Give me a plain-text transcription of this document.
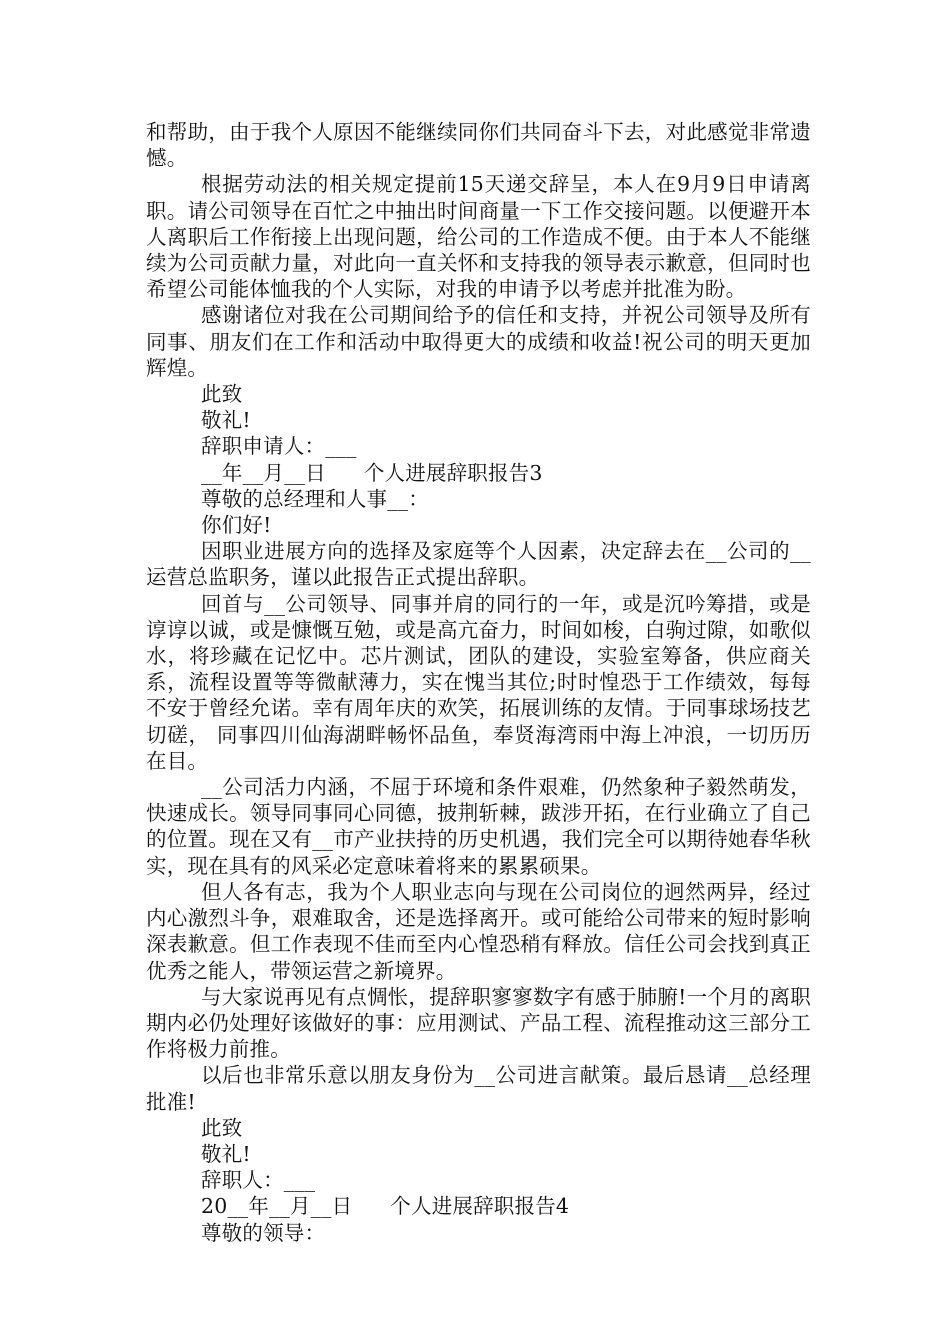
和帮助，由于我个人原因不能继续同你们共同奋斗下去，对此感觉非常遗憾。

根据劳动法的相关规定提前15天递交辞呈，本人在9月9日申请离职。请公司领导在百忙之中抽出时间商量一下工作交接问题。以便避开本人离职后工作衔接上出现问题，给公司的工作造成不便。由于本人不能继续为公司贡献力量，对此向一直关怀和支持我的领导表示歉意，但同时也希望公司能体恤我的个人实际，对我的申请予以考虑并批准为盼。

感谢诸位对我在公司期间给予的信任和支持，并祝公司领导及所有同事、朋友们在工作和活动中取得更大的成绩和收益!祝公司的明天更加辉煌。

此致

敬礼!

辞职申请人：___

__年__月__日 个人进展辞职报告3

尊敬的总经理和人事__：

你们好!

因职业进展方向的选择及家庭等个人因素，决定辞去在__公司的__运营总监职务，谨以此报告正式提出辞职。

回首与__公司领导、同事并肩的同行的一年，或是沉吟筹措，或是谆谆以诚，或是慷慨互勉，或是高亢奋力，时间如梭，白驹过隙，如歌似水，将珍藏在记忆中。芯片测试，团队的建设，实验室筹备，供应商关系，流程设置等等微献薄力，实在愧当其位;时时惶恐于工作绩效，每每不安于曾经允诺。幸有周年庆的欢笑，拓展训练的友情。于同事球场技艺切磋， 同事四川仙海湖畔畅怀品鱼，奉贤海湾雨中海上冲浪，一切历历在目。

__公司活力内涵，不屈于环境和条件艰难，仍然象种子毅然萌发，快速成长。领导同事同心同德，披荆斩棘，跋涉开拓，在行业确立了自己的位置。现在又有__市产业扶持的历史机遇，我们完全可以期待她春华秋实，现在具有的风采必定意味着将来的累累硕果。

但人各有志，我为个人职业志向与现在公司岗位的迥然两异，经过内心激烈斗争，艰难取舍，还是选择离开。或可能给公司带来的短时影响深表歉意。但工作表现不佳而至内心惶恐稍有释放。信任公司会找到真正优秀之能人，带领运营之新境界。

与大家说再见有点惆怅，提辞职寥寥数字有感于肺腑!一个月的离职期内必仍处理好该做好的事：应用测试、产品工程、流程推动这三部分工作将极力前推。

以后也非常乐意以朋友身份为__公司进言献策。最后恳请__总经理批准!

此致

敬礼!

辞职人：___

20__年__月__日 个人进展辞职报告4

尊敬的领导：
